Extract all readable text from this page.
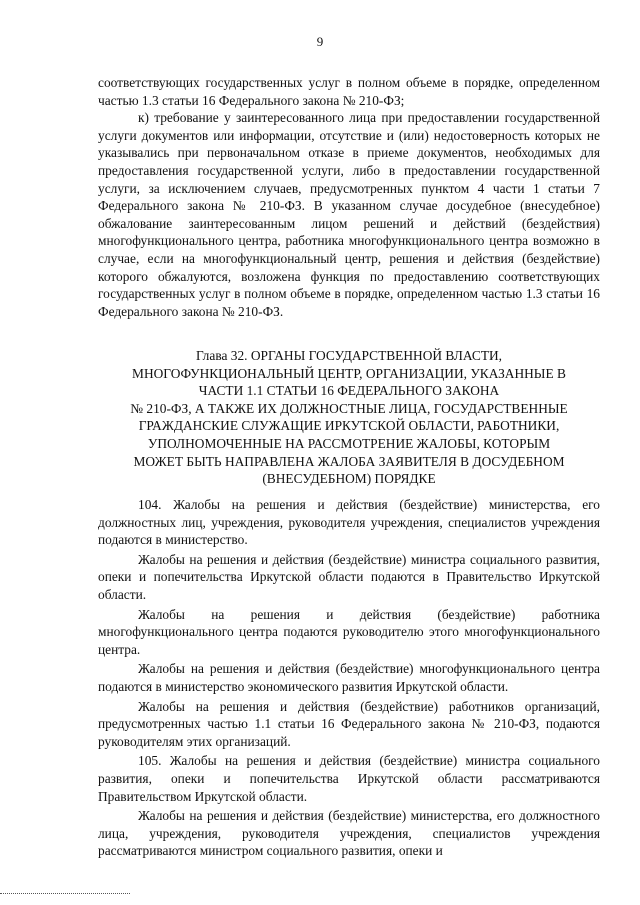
9

соответствующих государственных услуг в полном объеме в порядке, определенном частью 1.3 статьи 16 Федерального закона № 210-ФЗ;

к) требование у заинтересованного лица при предоставлении государственной услуги документов или информации, отсутствие и (или) недостоверность которых не указывались при первоначальном отказе в приеме документов, необходимых для предоставления государственной услуги, либо в предоставлении государственной услуги, за исключением случаев, предусмотренных пунктом 4 части 1 статьи 7 Федерального закона № 210-ФЗ. В указанном случае досудебное (внесудебное) обжалование заинтересованным лицом решений и действий (бездействия) многофункционального центра, работника многофункционального центра возможно в случае, если на многофункциональный центр, решения и действия (бездействие) которого обжалуются, возложена функция по предоставлению соответствующих государственных услуг в полном объеме в порядке, определенном частью 1.3 статьи 16 Федерального закона № 210-ФЗ.

Глава 32. ОРГАНЫ ГОСУДАРСТВЕННОЙ ВЛАСТИ,
МНОГОФУНКЦИОНАЛЬНЫЙ ЦЕНТР, ОРГАНИЗАЦИИ, УКАЗАННЫЕ В
ЧАСТИ 1.1 СТАТЬИ 16 ФЕДЕРАЛЬНОГО ЗАКОНА
№ 210-ФЗ, А ТАКЖЕ ИХ ДОЛЖНОСТНЫЕ ЛИЦА, ГОСУДАРСТВЕННЫЕ
ГРАЖДАНСКИЕ СЛУЖАЩИЕ ИРКУТСКОЙ ОБЛАСТИ, РАБОТНИКИ,
УПОЛНОМОЧЕННЫЕ НА РАССМОТРЕНИЕ ЖАЛОБЫ, КОТОРЫМ
МОЖЕТ БЫТЬ НАПРАВЛЕНА ЖАЛОБА ЗАЯВИТЕЛЯ В ДОСУДЕБНОМ
(ВНЕСУДЕБНОМ) ПОРЯДКЕ

104. Жалобы на решения и действия (бездействие) министерства, его должностных лиц, учреждения, руководителя учреждения, специалистов учреждения подаются в министерство.

Жалобы на решения и действия (бездействие) министра социального развития, опеки и попечительства Иркутской области подаются в Правительство Иркутской области.

Жалобы на решения и действия (бездействие) работника многофункционального центра подаются руководителю этого многофункционального центра.

Жалобы на решения и действия (бездействие) многофункционального центра подаются в министерство экономического развития Иркутской области.

Жалобы на решения и действия (бездействие) работников организаций, предусмотренных частью 1.1 статьи 16 Федерального закона № 210-ФЗ, подаются руководителям этих организаций.

105. Жалобы на решения и действия (бездействие) министра социального развития, опеки и попечительства Иркутской области рассматриваются Правительством Иркутской области.

Жалобы на решения и действия (бездействие) министерства, его должностного лица, учреждения, руководителя учреждения, специалистов учреждения рассматриваются министром социального развития, опеки и
